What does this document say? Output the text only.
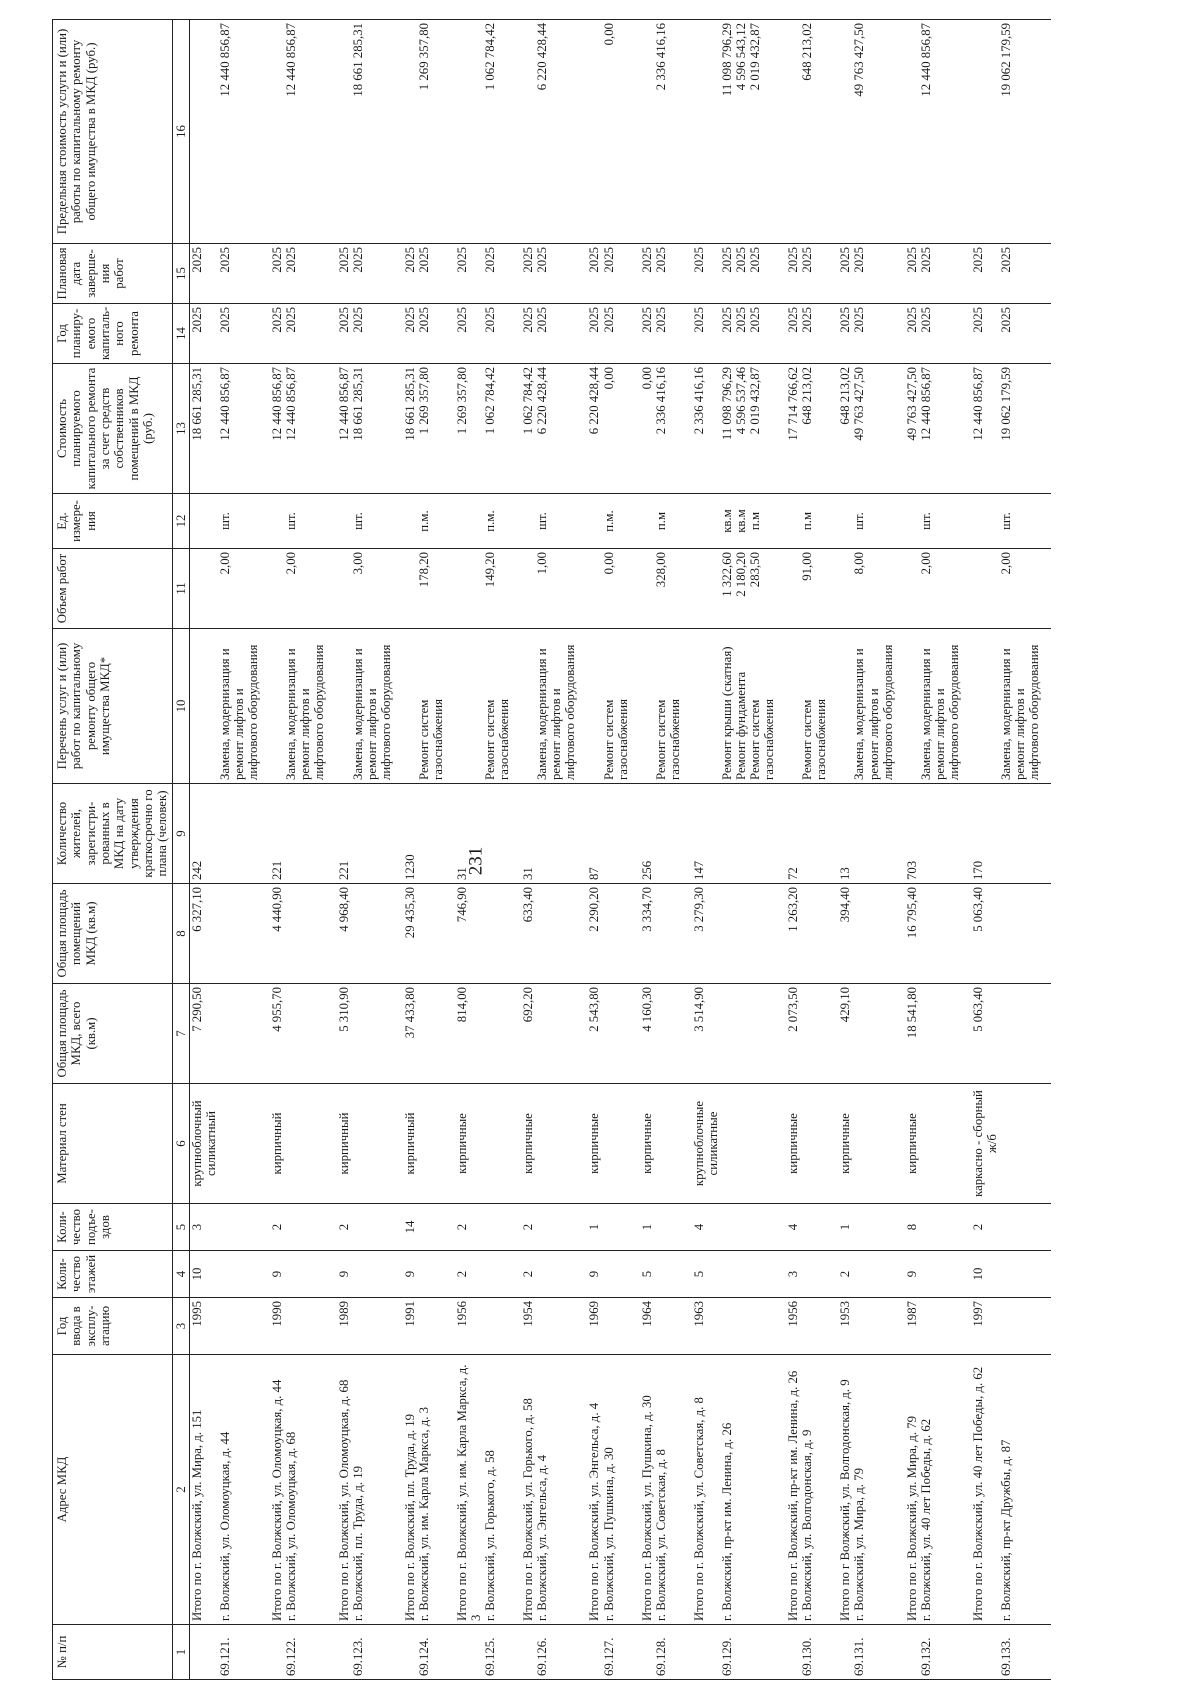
231
№ п/п	Адрес МКД	Год ввода в эксплу-атацию	Коли-чество этажей	Коли-чество подъе-здов	Материал стен	Общая площадь МКД, всего (кв.м)	Общая площадь помещений МКД (кв.м)	Количество жителей, зарегистри-рованных в МКД на дату утверждения краткосрочно го плана (человек)	Перечень услуг и (или) работ по капитальному ремонту общего имущества МКД*	Объем работ	Ед. измере-ния	Стоимость планируемого капитального ремонта за счет средств собственников помещений в МКД (руб.)	Год планиру-емого капиталь-ного ремонта	Плановая дата заверше-ния работ	Предельная стоимость услуги и (или) работы по капитальному ремонту общего имущества в МКД (руб.)
1	2	3	4	5	6	7	8	9	10	11	12	13	14	15	16
	Итого по г. Волжский, ул. Мира, д. 151	1995	10	3	крупноблочный силикатный	7 290,50	6 327,10	242				18 661 285,31	2025	2025	
69.121.	г. Волжский, ул. Оломоуцкая, д. 44								Замена, модернизация и ремонт лифтов и лифтового оборудования	2,00	шт.	12 440 856,87	2025	2025	12 440 856,87

	Итого по г. Волжский, ул. Оломоуцкая, д. 44	1990	9	2	кирпичный	4 955,70	4 440,90	221				12 440 856,87	2025	2025	
69.122.	г. Волжский, ул. Оломоуцкая, д. 68								Замена, модернизация и ремонт лифтов и лифтового оборудования	2,00	шт.	12 440 856,87	2025	2025	12 440 856,87

	Итого по г. Волжский, ул. Оломоуцкая, д. 68	1989	9	2	кирпичный	5 310,90	4 968,40	221				12 440 856,87	2025	2025	
69.123.	г. Волжский, пл. Труда, д. 19								Замена, модернизация и ремонт лифтов и лифтового оборудования	3,00	шт.	18 661 285,31	2025	2025	18 661 285,31

	Итого по г. Волжский, пл. Труда, д. 19	1991	9	14	кирпичный	37 433,80	29 435,30	1230				18 661 285,31	2025	2025	
69.124.	г. Волжский, ул. им. Карла Маркса, д. 3								Ремонт систем газоснабжения	178,20	п.м.	1 269 357,80	2025	2025	1 269 357,80

	Итого по г. Волжский, ул. им. Карла Маркса, д. 3	1956	2	2	кирпичные	814,00	746,90	31				1 269 357,80	2025	2025	
69.125.	г. Волжский, ул. Горького, д. 58								Ремонт систем газоснабжения	149,20	п.м.	1 062 784,42	2025	2025	1 062 784,42

	Итого по г. Волжский, ул. Горького, д. 58	1954	2	2	кирпичные	692,20	633,40	31				1 062 784,42	2025	2025	
69.126.	г. Волжский, ул. Энгельса, д. 4								Замена, модернизация и ремонт лифтов и лифтового оборудования	1,00	шт.	6 220 428,44	2025	2025	6 220 428,44

	Итого по г. Волжский, ул. Энгельса, д. 4	1969	9	1	кирпичные	2 543,80	2 290,20	87				6 220 428,44	2025	2025	
69.127.	г. Волжский, ул. Пушкина, д. 30								Ремонт систем газоснабжения	0,00	п.м.	0,00	2025	2025	0,00

	Итого по г. Волжский, ул. Пушкина, д. 30	1964	5	1	кирпичные	4 160,30	3 334,70	256				0,00	2025	2025	
69.128.	г. Волжский, ул. Советская, д. 8								Ремонт систем газоснабжения	328,00	п.м	2 336 416,16	2025	2025	2 336 416,16

	Итого по г. Волжский, ул. Советская, д. 8	1963	5	4	крупноблочные силикатные	3 514,90	3 279,30	147				2 336 416,16	2025	2025	
69.129.	г. Волжский, пр-кт им. Ленина, д. 26								Ремонт крыши (скатная) Ремонт фундамента Ремонт систем газоснабжения	1 322,60 2 180,20 283,50	кв.м кв.м п.м	11 098 796,29 4 596 537,46 2 019 432,87	2025 2025 2025	2025 2025 2025	11 098 796,29 4 596 543,12 2 019 432,87

	Итого по г. Волжский, пр-кт им. Ленина, д. 26	1956	3	4	кирпичные	2 073,50	1 263,20	72				17 714 766,62	2025	2025	
69.130.	г. Волжский, ул. Волгодонская, д. 9								Ремонт систем газоснабжения	91,00	п.м	648 213,02	2025	2025	648 213,02

	Итого по г Волжский, ул. Волгодонская, д. 9	1953	2	1	кирпичные	429,10	394,40	13				648 213,02	2025	2025	
69.131.	г. Волжский, ул. Мира, д. 79								Замена, модернизация и ремонт лифтов и лифтового оборудования	8,00	шт.	49 763 427,50	2025	2025	49 763 427,50

	Итого по г. Волжский, ул. Мира, д. 79	1987	9	8	кирпичные	18 541,80	16 795,40	703				49 763 427,50	2025	2025	
69.132.	г. Волжский, ул. 40 лет Победы, д. 62								Замена, модернизация и ремонт лифтов и лифтового оборудования	2,00	шт.	12 440 856,87	2025	2025	12 440 856,87

	Итого по г. Волжский, ул. 40 лет Победы, д. 62	1997	10	2	каркасно - сборный ж/б	5 063,40	5 063,40	170				12 440 856,87	2025	2025	
69.133.	г. Волжский, пр-кт Дружбы, д. 87								Замена, модернизация и ремонт лифтов и лифтового оборудования	2,00	шт.	19 062 179,59	2025	2025	19 062 179,59
